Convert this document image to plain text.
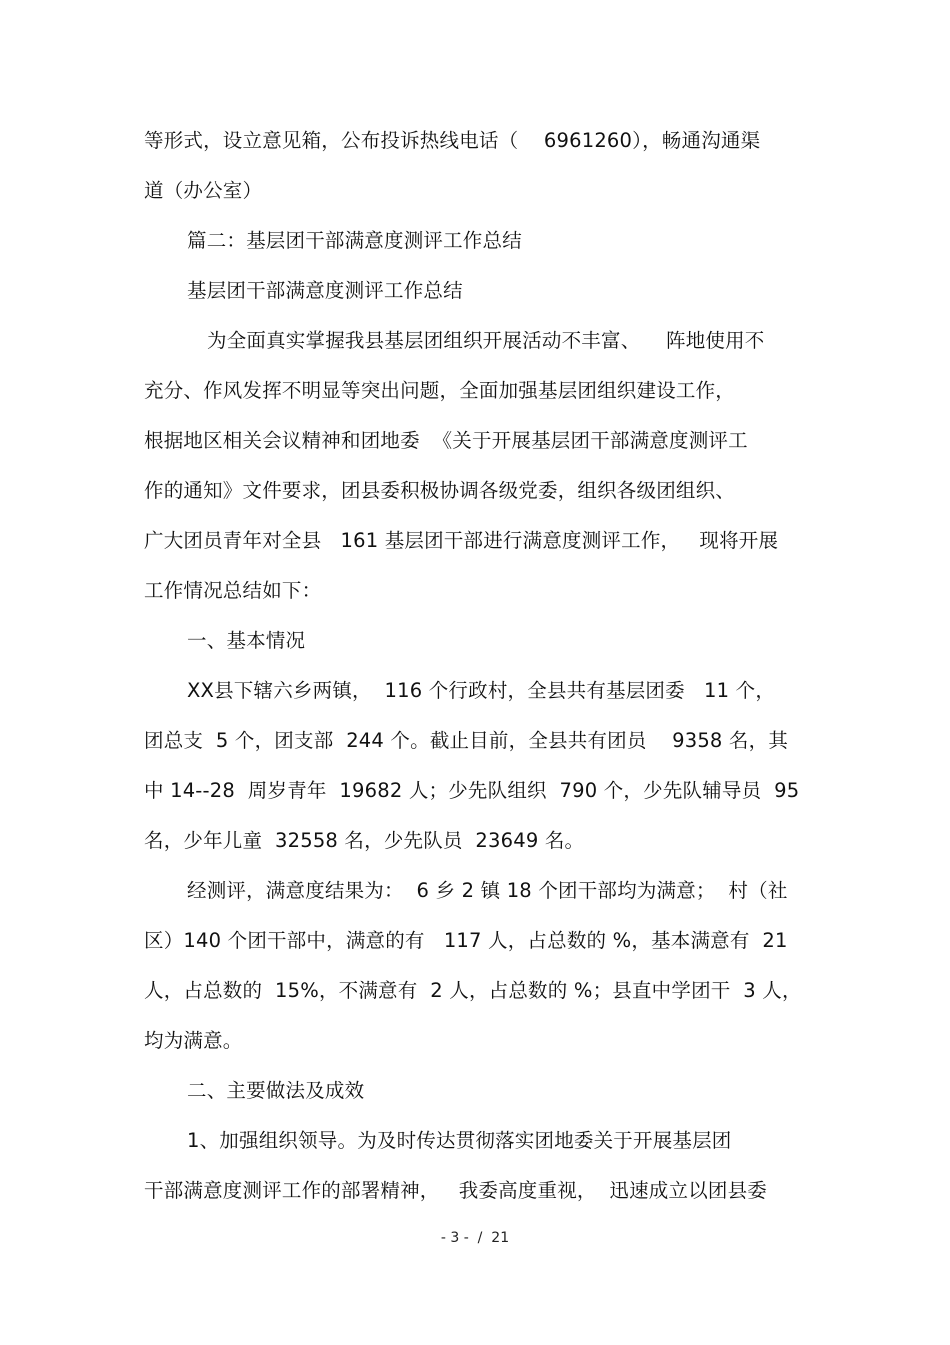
等形式，设立意见箱，公布投诉热线电话（    6961260），畅通沟通渠
道（办公室）
篇二：基层团干部满意度测评工作总结
基层团干部满意度测评工作总结
为全面真实掌握我县基层团组织开展活动不丰富、    阵地使用不
充分、作风发挥不明显等突出问题，全面加强基层团组织建设工作，
根据地区相关会议精神和团地委  《关于开展基层团干部满意度测评工
作的通知》文件要求，团县委积极协调各级党委，组织各级团组织、
广大团员青年对全县   161 基层团干部进行满意度测评工作，   现将开展
工作情况总结如下：
一、基本情况
XX县下辖六乡两镇，  116 个行政村，全县共有基层团委   11 个，
团总支  5 个，团支部  244 个。截止目前，全县共有团员    9358 名，其
中 14--28  周岁青年  19682 人；少先队组织  790 个，少先队辅导员  95
名，少年儿童  32558 名，少先队员  23649 名。
经测评，满意度结果为：  6 乡 2 镇 18 个团干部均为满意；  村（社
区）140 个团干部中，满意的有   117 人，占总数的 %，基本满意有  21
人，占总数的  15%，不满意有  2 人，占总数的 %；县直中学团干  3 人，
均为满意。
二、主要做法及成效
1、加强组织领导。为及时传达贯彻落实团地委关于开展基层团
干部满意度测评工作的部署精神，   我委高度重视，  迅速成立以团县委
- 3 -  /  21
